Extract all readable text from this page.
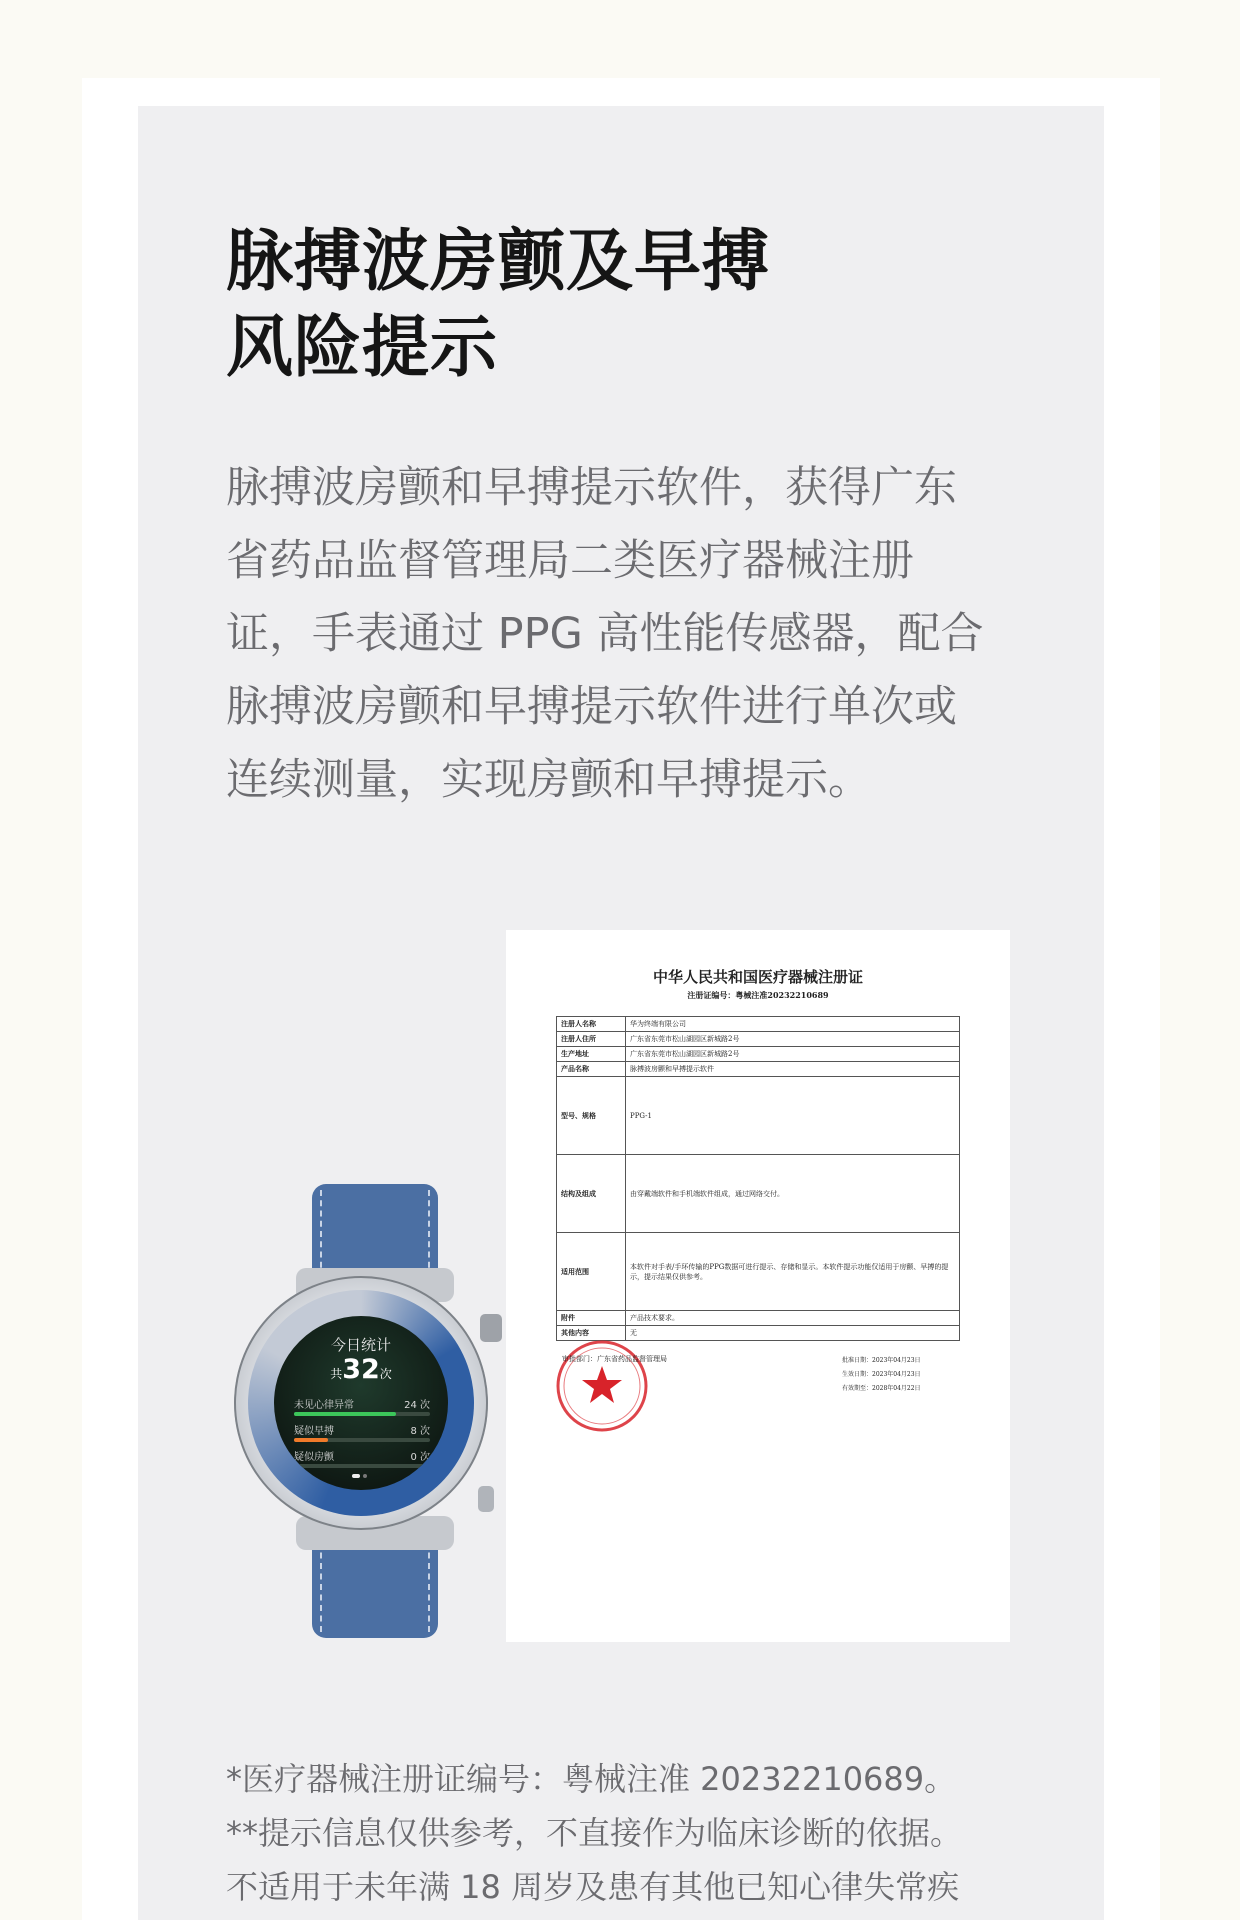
脉搏波房颤及早搏
风险提示
脉搏波房颤和早搏提示软件，获得广东
省药品监督管理局二类医疗器械注册
证，手表通过 PPG 高性能传感器，配合
脉搏波房颤和早搏提示软件进行单次或
连续测量，实现房颤和早搏提示。
今日统计
共32次
未见心律异常	24 次
疑似早搏	8 次
疑似房颤	0 次
中华人民共和国医疗器械注册证
注册证编号：粤械注准20232210689
注册人名称	华为终端有限公司
注册人住所	广东省东莞市松山湖园区新城路2号
生产地址	广东省东莞市松山湖园区新城路2号
产品名称	脉搏波房颤和早搏提示软件
型号、规格	PPG-1
结构及组成	由穿戴端软件和手机端软件组成，通过网络交付。
适用范围	本软件对手表/手环传输的PPG数据可进行提示、存储和显示。本软件提示功能仅适用于房颤、早搏的提示，提示结果仅供参考。
附件	产品技术要求。
其他内容	无
审批部门：广东省药品监督管理局	批准日期：2023年04月23日
生效日期：2023年04月23日
有效期至：2028年04月22日
*医疗器械注册证编号：粤械注准 20232210689。
**提示信息仅供参考，不直接作为临床诊断的依据。
不适用于未年满 18 周岁及患有其他已知心律失常疾
